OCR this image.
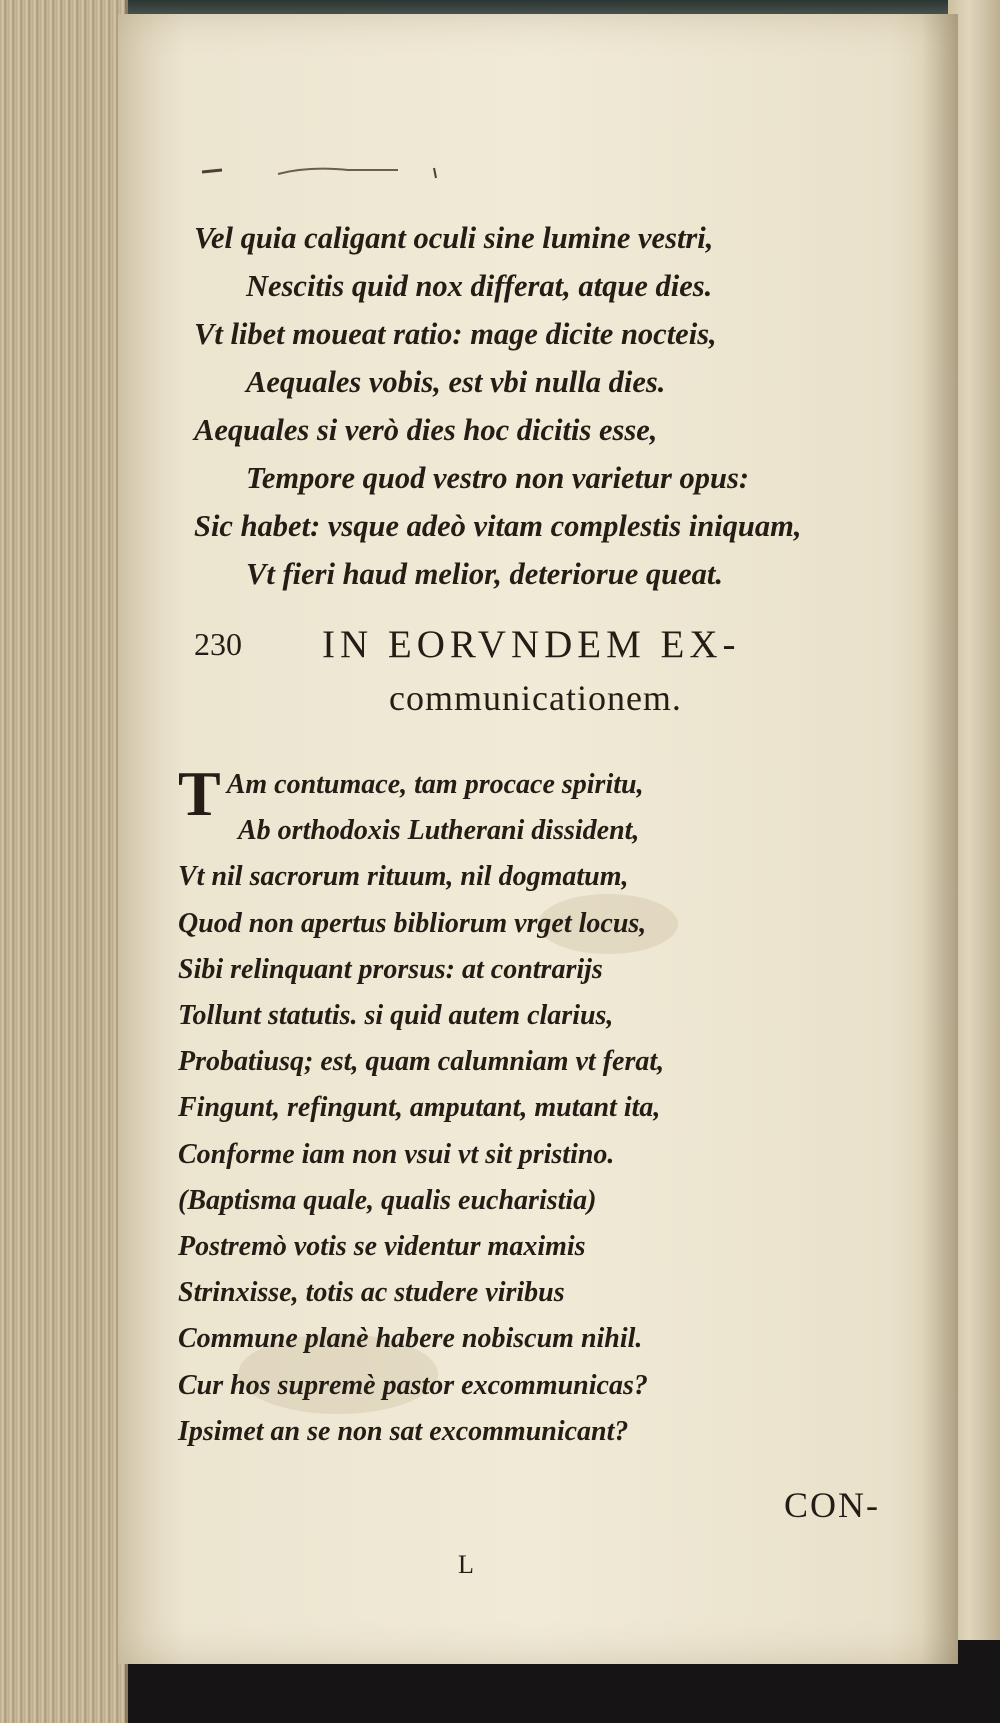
Vel quia caligant oculi sine lumine vestri,
Nescitis quid nox differat, atque dies.
Vt libet moueat ratio: mage dicite nocteis,
Aequales vobis, est vbi nulla dies.
Aequales si verò dies hoc dicitis esse,
Tempore quod vestro non varietur opus:
Sic habet: vsque adeò vitam complestis iniquam,
Vt fieri haud melior, deteriorue queat.
230 IN EORVNDEM EX-
communicationem.
T Am contumace, tam procace spiritu,
Ab orthodoxis Lutherani dissident,
Vt nil sacrorum rituum, nil dogmatum,
Quod non apertus bibliorum vrget locus,
Sibi relinquant prorsus: at contrarijs
Tollunt statutis. si quid autem clarius,
Probatiusq; est, quam calumniam vt ferat,
Fingunt, refingunt, amputant, mutant ita,
Conforme iam non vsui vt sit pristino.
(Baptisma quale, qualis eucharistia)
Postremò votis se videntur maximis
Strinxisse, totis ac studere viribus
Commune planè habere nobiscum nihil.
Cur hos supremè pastor excommunicas?
Ipsimet an se non sat excommunicant?
CON-
L
